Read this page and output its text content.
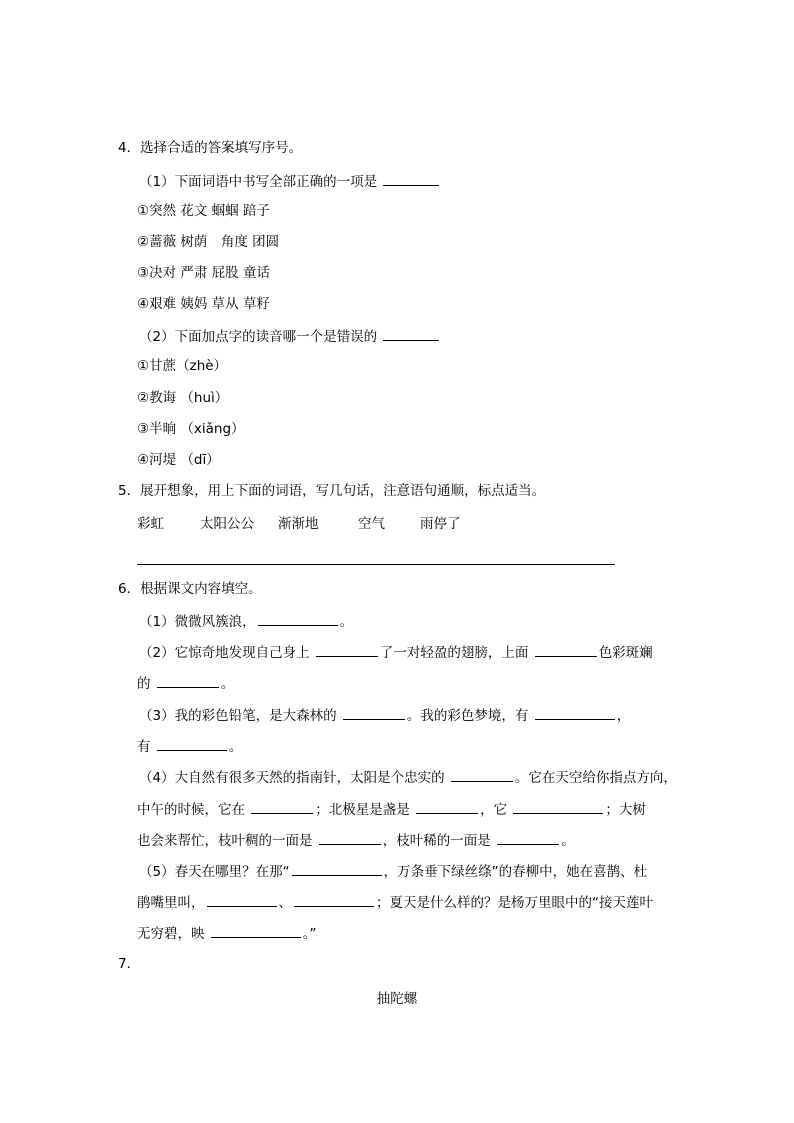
4．选择合适的答案填写序号。
（1）下面词语中书写全部正确的一项是
①突然 花文 蝈蝈 踣子
②蔷薇 树荫　角度 团圆
③决对 严肃 屁股 童话
④艰难 姨妈 草从 草籽
（2）下面加点字的读音哪一个是错误的
①甘蔗（zhè）
②教诲 （huì）
③半晌 （xiǎng）
④河堤 （dī）
5．展开想象，用上下面的词语，写几句话，注意语句通顺，标点适当。
彩虹	太阳公公 渐渐地	空气	雨停了
6．根据课文内容填空。
（1）微微风簇浪，	。
（2）它惊奇地发现自己身上	了一对轻盈的翅膀，上面	色彩斑斓
的	。
（3）我的彩色铅笔，是大森林的	。我的彩色梦境，有	，
有	。
（4）大自然有很多天然的指南针，太阳是个忠实的	。它在天空给你指点方向，
中午的时候，它在	；北极星是盏是	，它	；大树
也会来帮忙，枝叶稠的一面是	，枝叶稀的一面是	。
（5）春天在哪里？在那“	，万条垂下绿丝绦”的春柳中，她在喜鹊、杜
鹃嘴里叫，	、	；夏天是什么样的？是杨万里眼中的“接天莲叶
无穷碧，映	。”
7．
抽陀螺
